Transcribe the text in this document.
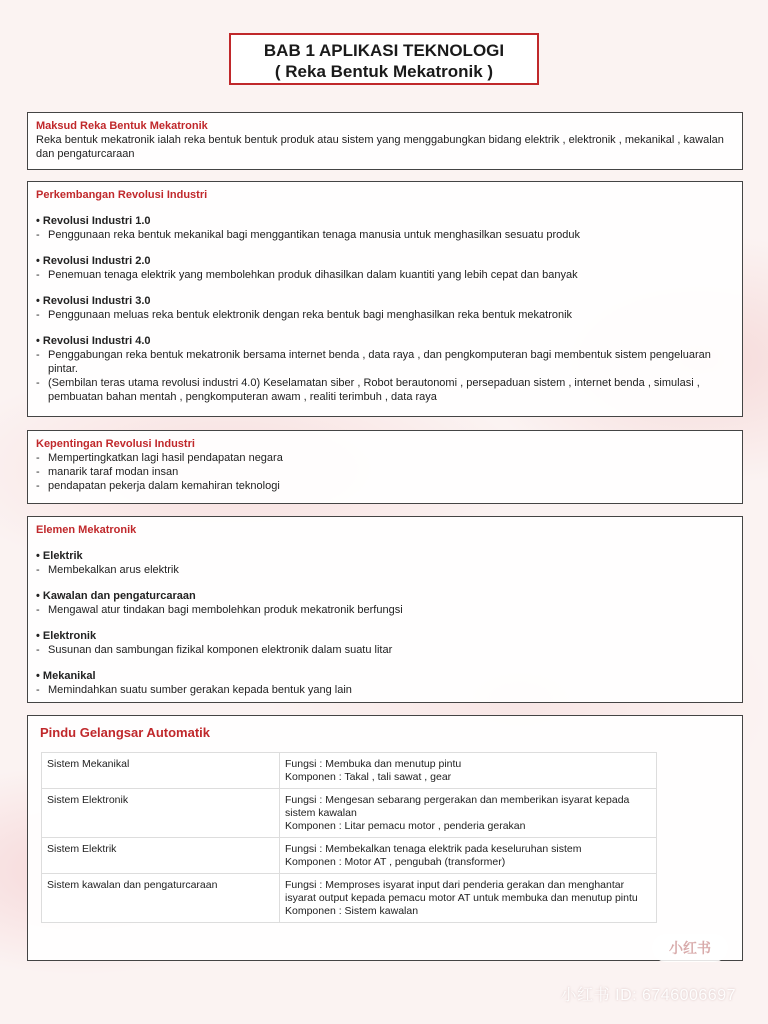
BAB 1 APLIKASI TEKNOLOGI
( Reka Bentuk Mekatronik )
Maksud Reka Bentuk Mekatronik
Reka bentuk mekatronik ialah reka bentuk bentuk produk atau sistem yang menggabungkan bidang elektrik , elektronik , mekanikal , kawalan dan pengaturcaraan
Perkembangan Revolusi Industri
• Revolusi Industri 1.0
- Penggunaan reka bentuk mekanikal bagi menggantikan tenaga manusia untuk menghasilkan sesuatu produk
• Revolusi Industri 2.0
- Penemuan tenaga elektrik yang membolehkan produk dihasilkan dalam kuantiti yang lebih cepat dan banyak
• Revolusi Industri 3.0
- Penggunaan meluas reka bentuk elektronik dengan reka bentuk bagi menghasilkan reka bentuk mekatronik
• Revolusi Industri 4.0
- Penggabungan reka bentuk mekatronik bersama internet benda , data raya , dan pengkomputeran bagi membentuk sistem pengeluaran pintar.
- (Sembilan teras utama revolusi industri 4.0) Keselamatan siber , Robot berautonomi , persepaduan sistem , internet benda , simulasi , pembuatan bahan mentah , pengkomputeran awam , realiti terimbuh , data raya
Kepentingan Revolusi Industri
- Mempertingkatkan lagi hasil pendapatan negara
- manarik taraf modan insan
- pendapatan pekerja dalam kemahiran teknologi
Elemen Mekatronik
• Elektrik
- Membekalkan arus elektrik
• Kawalan dan pengaturcaraan
- Mengawal atur tindakan bagi membolehkan produk mekatronik berfungsi
• Elektronik
- Susunan dan sambungan fizikal komponen elektronik dalam suatu litar
• Mekanikal
- Memindahkan suatu sumber gerakan kepada bentuk yang lain
Pindu Gelangsar Automatik
Sistem Mekanikal	Fungsi : Membuka dan menutup pintu
Komponen : Takal , tali sawat , gear

Sistem Elektronik	Fungsi : Mengesan sebarang pergerakan dan memberikan isyarat kepada sistem kawalan
Komponen : Litar pemacu motor , penderia gerakan

Sistem Elektrik	Fungsi : Membekalkan tenaga elektrik pada keseluruhan sistem
Komponen : Motor AT , pengubah (transformer)

Sistem kawalan dan pengaturcaraan	Fungsi : Memproses isyarat input dari penderia gerakan dan menghantar isyarat output kepada pemacu motor AT untuk membuka dan menutup pintu
Komponen : Sistem kawalan
小红书
小红书 ID: 6746006697
